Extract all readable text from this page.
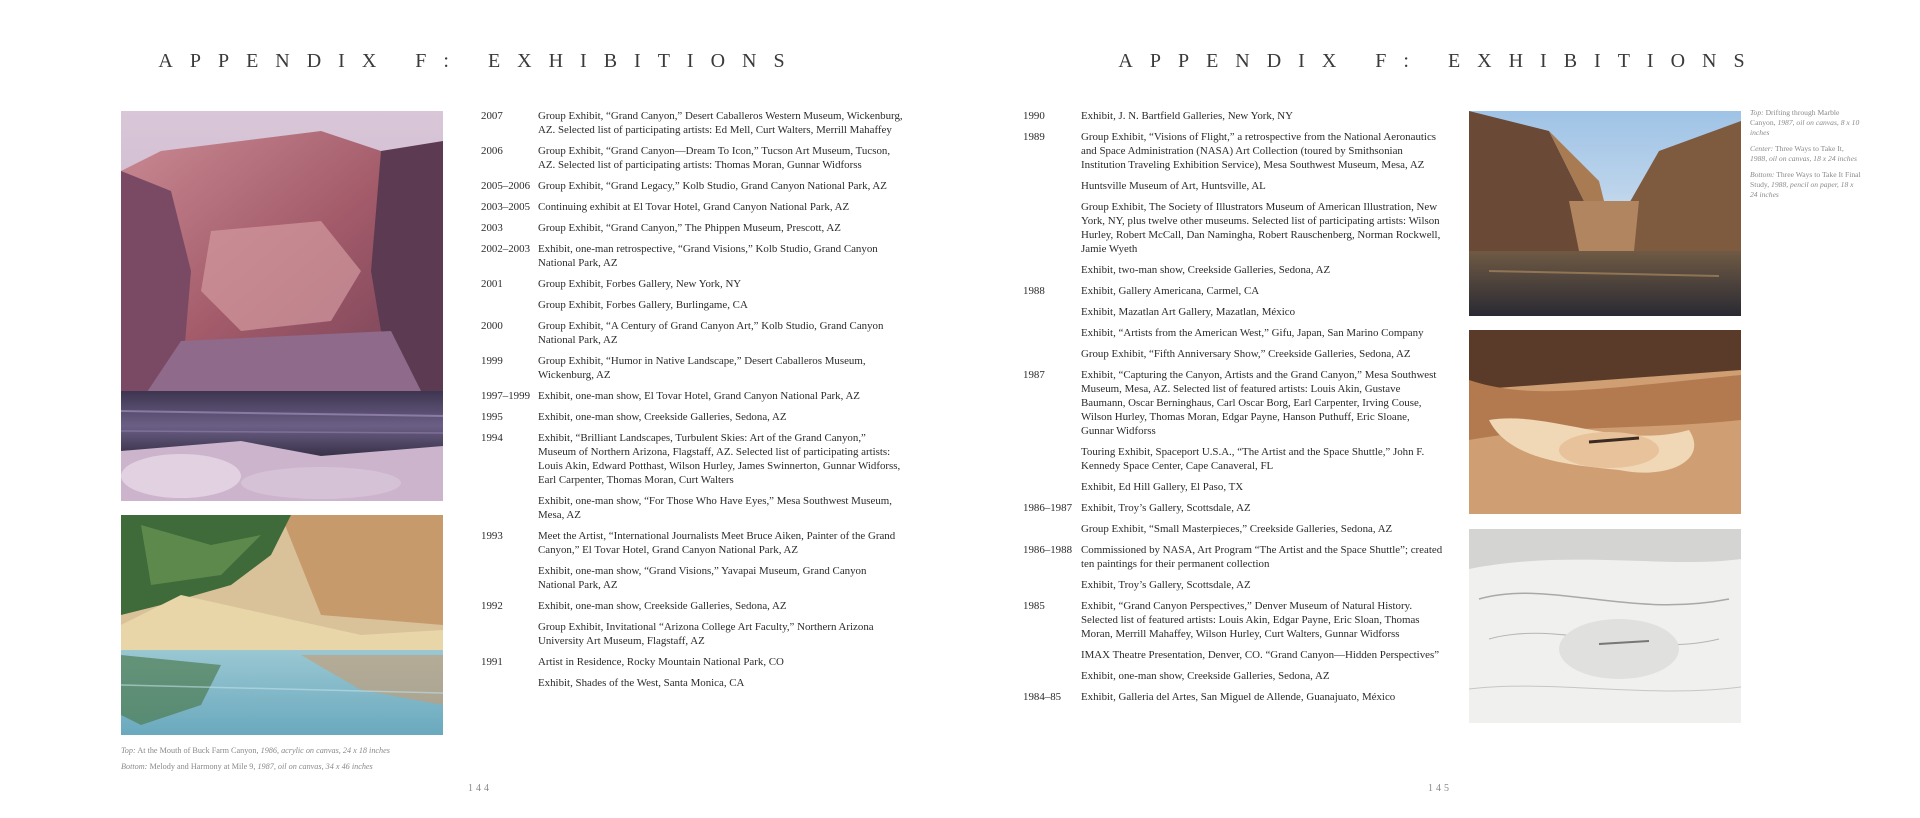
APPENDIX F: EXHIBITIONS
144
Top: At the Mouth of Buck Farm Canyon, 1986, acrylic on canvas, 24 x 18 inches
Bottom: Melody and Harmony at Mile 9, 1987, oil on canvas, 34 x 46 inches
2007	Group Exhibit, “Grand Canyon,” Desert Caballeros Western Museum, Wickenburg, AZ. Selected list of participating artists: Ed Mell, Curt Walters, Merrill Mahaffey
2006	Group Exhibit, “Grand Canyon—Dream To Icon,” Tucson Art Museum, Tucson, AZ. Selected list of participating artists: Thomas Moran, Gunnar Widforss
2005–2006 Group Exhibit, “Grand Legacy,” Kolb Studio, Grand Canyon National Park, AZ
2003–2005 Continuing exhibit at El Tovar Hotel, Grand Canyon National Park, AZ
2003	Group Exhibit, “Grand Canyon,” The Phippen Museum, Prescott, AZ
2002–2003 Exhibit, one-man retrospective, “Grand Visions,” Kolb Studio, Grand Canyon National Park, AZ
2001	Group Exhibit, Forbes Gallery, New York, NY
Group Exhibit, Forbes Gallery, Burlingame, CA
2000	Group Exhibit, “A Century of Grand Canyon Art,” Kolb Studio, Grand Canyon National Park, AZ
1999	Group Exhibit, “Humor in Native Landscape,” Desert Caballeros Museum, Wickenburg, AZ
1997–1999 Exhibit, one-man show, El Tovar Hotel, Grand Canyon National Park, AZ
1995	Exhibit, one-man show, Creekside Galleries, Sedona, AZ
1994	Exhibit, “Brilliant Landscapes, Turbulent Skies: Art of the Grand Canyon,” Museum of Northern Arizona, Flagstaff, AZ. Selected list of participating artists: Louis Akin, Edward Potthast, Wilson Hurley, James Swinnerton, Gunnar Widforss, Earl Carpenter, Thomas Moran, Curt Walters
Exhibit, one-man show, “For Those Who Have Eyes,” Mesa Southwest Museum, Mesa, AZ
1993	Meet the Artist, “International Journalists Meet Bruce Aiken, Painter of the Grand Canyon,” El Tovar Hotel, Grand Canyon National Park, AZ
Exhibit, one-man show, “Grand Visions,” Yavapai Museum, Grand Canyon National Park, AZ
1992	Exhibit, one-man show, Creekside Galleries, Sedona, AZ
Group Exhibit, Invitational “Arizona College Art Faculty,” Northern Arizona University Art Museum, Flagstaff, AZ
1991	Artist in Residence, Rocky Mountain National Park, CO
Exhibit, Shades of the West, Santa Monica, CA
APPENDIX F: EXHIBITIONS
145
1990	Exhibit, J. N. Bartfield Galleries, New York, NY
1989	Group Exhibit, “Visions of Flight,” a retrospective from the National Aeronautics and Space Administration (NASA) Art Collection (toured by Smithsonian Institution Traveling Exhibition Service), Mesa Southwest Museum, Mesa, AZ
Huntsville Museum of Art, Huntsville, AL
Group Exhibit, The Society of Illustrators Museum of American Illustration, New York, NY, plus twelve other museums. Selected list of participating artists: Wilson Hurley, Robert McCall, Dan Namingha, Robert Rauschenberg, Norman Rockwell, Jamie Wyeth
Exhibit, two-man show, Creekside Galleries, Sedona, AZ
1988	Exhibit, Gallery Americana, Carmel, CA
Exhibit, Mazatlan Art Gallery, Mazatlan, México
Exhibit, “Artists from the American West,” Gifu, Japan, San Marino Company
Group Exhibit, “Fifth Anniversary Show,” Creekside Galleries, Sedona, AZ
1987	Exhibit, “Capturing the Canyon, Artists and the Grand Canyon,” Mesa Southwest Museum, Mesa, AZ. Selected list of featured artists: Louis Akin, Gustave Baumann, Oscar Berninghaus, Carl Oscar Borg, Earl Carpenter, Irving Couse, Wilson Hurley, Thomas Moran, Edgar Payne, Hanson Puthuff, Eric Sloane, Gunnar Widforss
Touring Exhibit, Spaceport U.S.A., “The Artist and the Space Shuttle,” John F. Kennedy Space Center, Cape Canaveral, FL
Exhibit, Ed Hill Gallery, El Paso, TX
1986–1987 Exhibit, Troy’s Gallery, Scottsdale, AZ
Group Exhibit, “Small Masterpieces,” Creekside Galleries, Sedona, AZ
1986–1988 Commissioned by NASA, Art Program “The Artist and the Space Shuttle”; created ten paintings for their permanent collection
Exhibit, Troy’s Gallery, Scottsdale, AZ
1985	Exhibit, “Grand Canyon Perspectives,” Denver Museum of Natural History. Selected list of featured artists: Louis Akin, Edgar Payne, Eric Sloan, Thomas Moran, Merrill Mahaffey, Wilson Hurley, Curt Walters, Gunnar Widforss
IMAX Theatre Presentation, Denver, CO. “Grand Canyon—Hidden Perspectives”
Exhibit, one-man show, Creekside Galleries, Sedona, AZ
1984–85	Exhibit, Galleria del Artes, San Miguel de Allende, Guanajuato, México

Top: Drifting through Marble Canyon, 1987, oil on canvas, 8 x 10 inches

Center: Three Ways to Take It, 1988, oil on canvas, 18 x 24 inches

Bottom: Three Ways to Take It Final Study, 1988, pencil on paper, 18 x 24 inches
